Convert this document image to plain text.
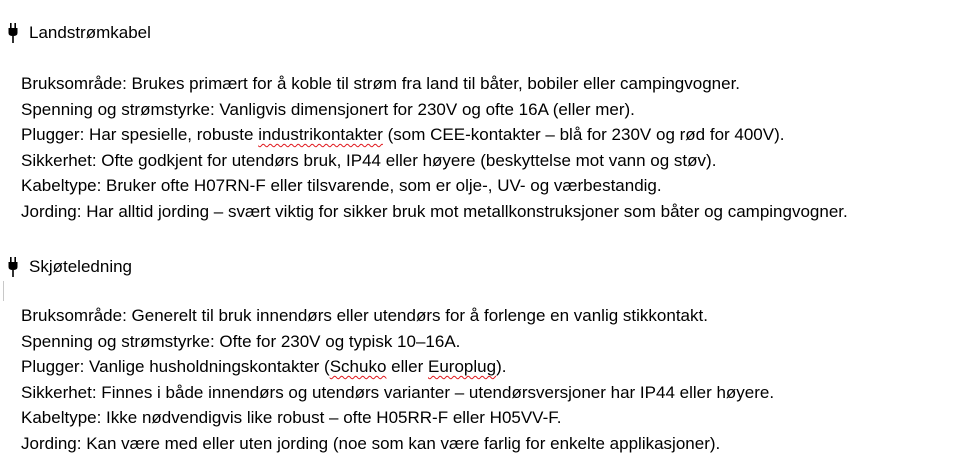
Landstrømkabel
Bruksområde: Brukes primært for å koble til strøm fra land til båter, bobiler eller campingvogner.
Spenning og strømstyrke: Vanligvis dimensjonert for 230V og ofte 16A (eller mer).
Plugger: Har spesielle, robuste industrikontakter (som CEE-kontakter – blå for 230V og rød for 400V).
Sikkerhet: Ofte godkjent for utendørs bruk, IP44 eller høyere (beskyttelse mot vann og støv).
Kabeltype: Bruker ofte H07RN-F eller tilsvarende, som er olje-, UV- og værbestandig.
Jording: Har alltid jording – svært viktig for sikker bruk mot metallkonstruksjoner som båter og campingvogner.
Skjøteledning
Bruksområde: Generelt til bruk innendørs eller utendørs for å forlenge en vanlig stikkontakt.
Spenning og strømstyrke: Ofte for 230V og typisk 10–16A.
Plugger: Vanlige husholdningskontakter (Schuko eller Europlug).
Sikkerhet: Finnes i både innendørs og utendørs varianter – utendørsversjoner har IP44 eller høyere.
Kabeltype: Ikke nødvendigvis like robust – ofte H05RR-F eller H05VV-F.
Jording: Kan være med eller uten jording (noe som kan være farlig for enkelte applikasjoner).
